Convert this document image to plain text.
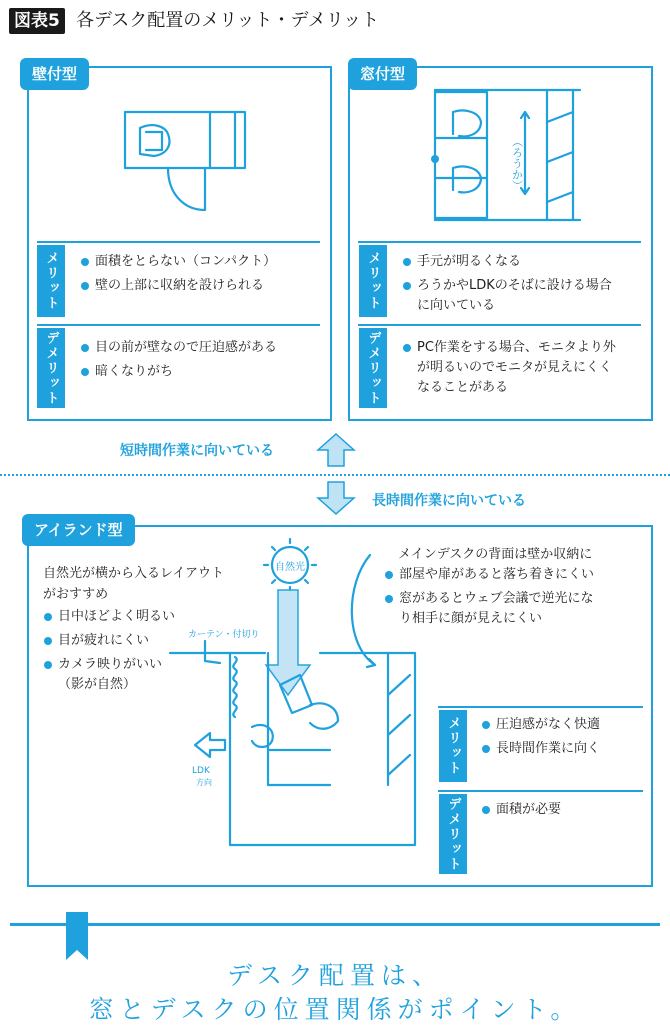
図表5 各デスク配置のメリット・デメリット
壁付型
メリット	面積をとらない（コンパクト）
壁の上部に収納を設けられる
デメリット	目の前が壁なので圧迫感がある
暗くなりがち
窓付型
（ろうか）
メリット	手元が明るくなる
ろうかやLDKのそばに設ける場合
に向いている
デメリット	PC作業をする場合、モニタより外
が明るいのでモニタが見えにくく
なることがある
短時間作業に向いている
長時間作業に向いている
アイランド型
自然光が横から入るレイアウト
がおすすめ
日中ほどよく明るい
目が疲れにくい
カメラ映りがいい
（影が自然）
メインデスクの背面は壁か収納に
部屋や扉があると落ち着きにくい
窓があるとウェブ会議で逆光にな
り相手に顔が見えにくい
自然光
カーテン・付切り
LDK
方向
メリット	圧迫感がなく快適
長時間作業に向く
デメリット	面積が必要
デスク配置は、
窓とデスクの位置関係がポイント。
